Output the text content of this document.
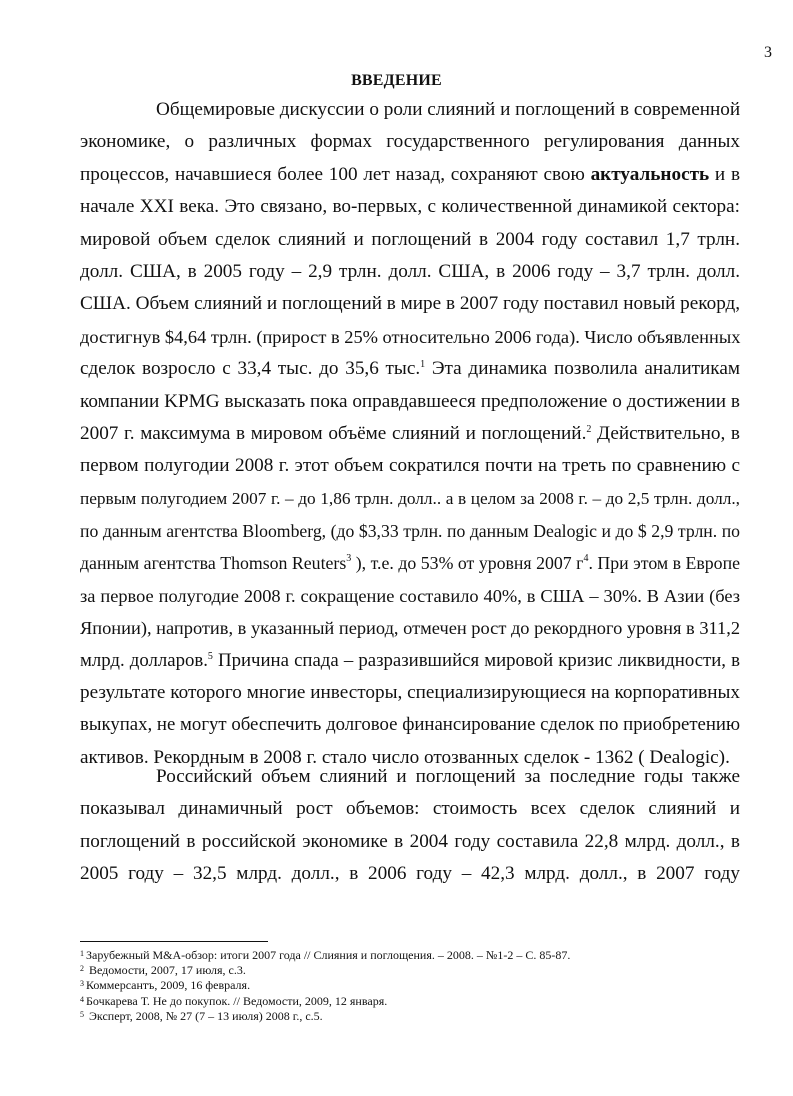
3
ВВЕДЕНИЕ
Общемировые дискуссии о роли слияний и поглощений в современной
экономике, о различных формах государственного регулирования данных
процессов, начавшиеся более 100 лет назад, сохраняют свою актуальность и в
начале XXI века. Это связано, во-первых, с количественной динамикой сектора:
мировой объем сделок слияний и поглощений в 2004 году составил 1,7 трлн.
долл. США, в 2005 году – 2,9 трлн. долл. США, в 2006 году – 3,7 трлн. долл.
США. Объем слияний и поглощений в мире в 2007 году поставил новый рекорд,
достигнув $4,64 трлн. (прирост в 25% относительно 2006 года). Число объявленных
сделок возросло с 33,4 тыс. до 35,6 тыс.$^1$ Эта динамика позволила аналитикам
компании KPMG высказать пока оправдавшееся предположение о достижении в
2007 г. максимума в мировом объёме слияний и поглощений.$^2$ Действительно, в
первом полугодии 2008 г. этот объем сократился почти на треть по сравнению с
первым полугодием 2007 г. – до 1,86 трлн. долл.. а в целом за 2008 г. – до 2,5 трлн. долл.,
по данным агентства Bloomberg, (до $3,33 трлн. по данным Dealogic и до $ 2,9 трлн. по
данным агентства Thomson Reuters$^3$ ), т.е. до 53% от уровня 2007 $г^4$. При этом в Европе
за первое полугодие 2008 г. сокращение составило 40%, в США – 30%. В Азии (без
Японии), напротив, в указанный период, отмечен рост до рекордного уровня в 311,2
млрд. долларов.$^5$ Причина спада – разразившийся мировой кризис ликвидности, в
результате которого многие инвесторы, специализирующиеся на корпоративных
выкупах, не могут обеспечить долговое финансирование сделок по приобретению
активов. Рекордным в 2008 г. стало число отозванных сделок - 1362 ( Dealogic).
Российский объем слияний и поглощений за последние годы также
показывал динамичный рост объемов: стоимость всех сделок слияний и
поглощений в российской экономике в 2004 году составила 22,8 млрд. долл., в
2005 году – 32,5 млрд. долл., в 2006 году – 42,3 млрд. долл., в 2007 году
$^1$ Зарубежный M&A-обзор: итоги 2007 года // Слияния и поглощения. – 2008. – №1-2 – С. 85-87.
$^2$ Ведомости, 2007, 17 июля, с.3.
$^3$ Коммерсантъ, 2009, 16 февраля.
$^4$ Бочкарева Т. Не до покупок. // Ведомости, 2009, 12 января.
$^5$ Эксперт, 2008, № 27 (7 – 13 июля) 2008 г., с.5.
